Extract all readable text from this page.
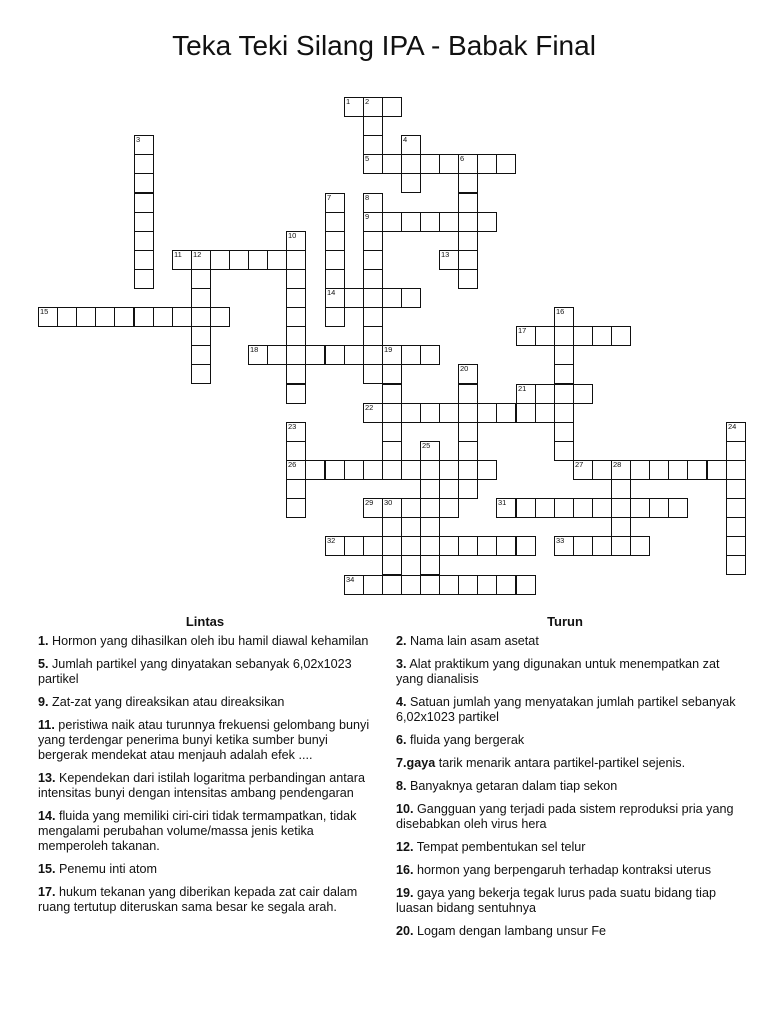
Teka Teki Silang IPA - Babak Final
1 2
5
3	4
6
7
14
8
9
10
11 12	13
15	16
17
18	19
20
21
22
23
26
24
25
27	28
29 30	31
32	33
34
Lintas	Turun
1. Hormon yang dihasilkan oleh ibu hamil diawal kehamilan
5. Jumlah partikel yang dinyatakan sebanyak 6,02x1023 partikel
9. Zat-zat yang direaksikan atau direaksikan
11. peristiwa naik atau turunnya frekuensi gelombang bunyi yang terdengar penerima bunyi ketika sumber bunyi bergerak mendekat atau menjauh adalah efek ....
13. Kependekan dari istilah logaritma perbandingan antara intensitas bunyi dengan intensitas ambang pendengaran
14. fluida yang memiliki ciri-ciri tidak termampatkan, tidak mengalami perubahan volume/massa jenis ketika memperoleh takanan.
15. Penemu inti atom
17. hukum tekanan yang diberikan kepada zat cair dalam ruang tertutup diteruskan sama besar ke segala arah.
2. Nama lain asam asetat
3. Alat praktikum yang digunakan untuk menempatkan zat yang dianalisis
4. Satuan jumlah yang menyatakan jumlah partikel sebanyak 6,02x1023 partikel
6. fluida yang bergerak
7.gaya tarik menarik antara partikel-partikel sejenis.
8. Banyaknya getaran dalam tiap sekon
10. Gangguan yang terjadi pada sistem reproduksi pria yang disebabkan oleh virus hera
12. Tempat pembentukan sel telur
16. hormon yang berpengaruh terhadap kontraksi uterus
19. gaya yang bekerja tegak lurus pada suatu bidang tiap luasan bidang sentuhnya
20. Logam dengan lambang unsur Fe
